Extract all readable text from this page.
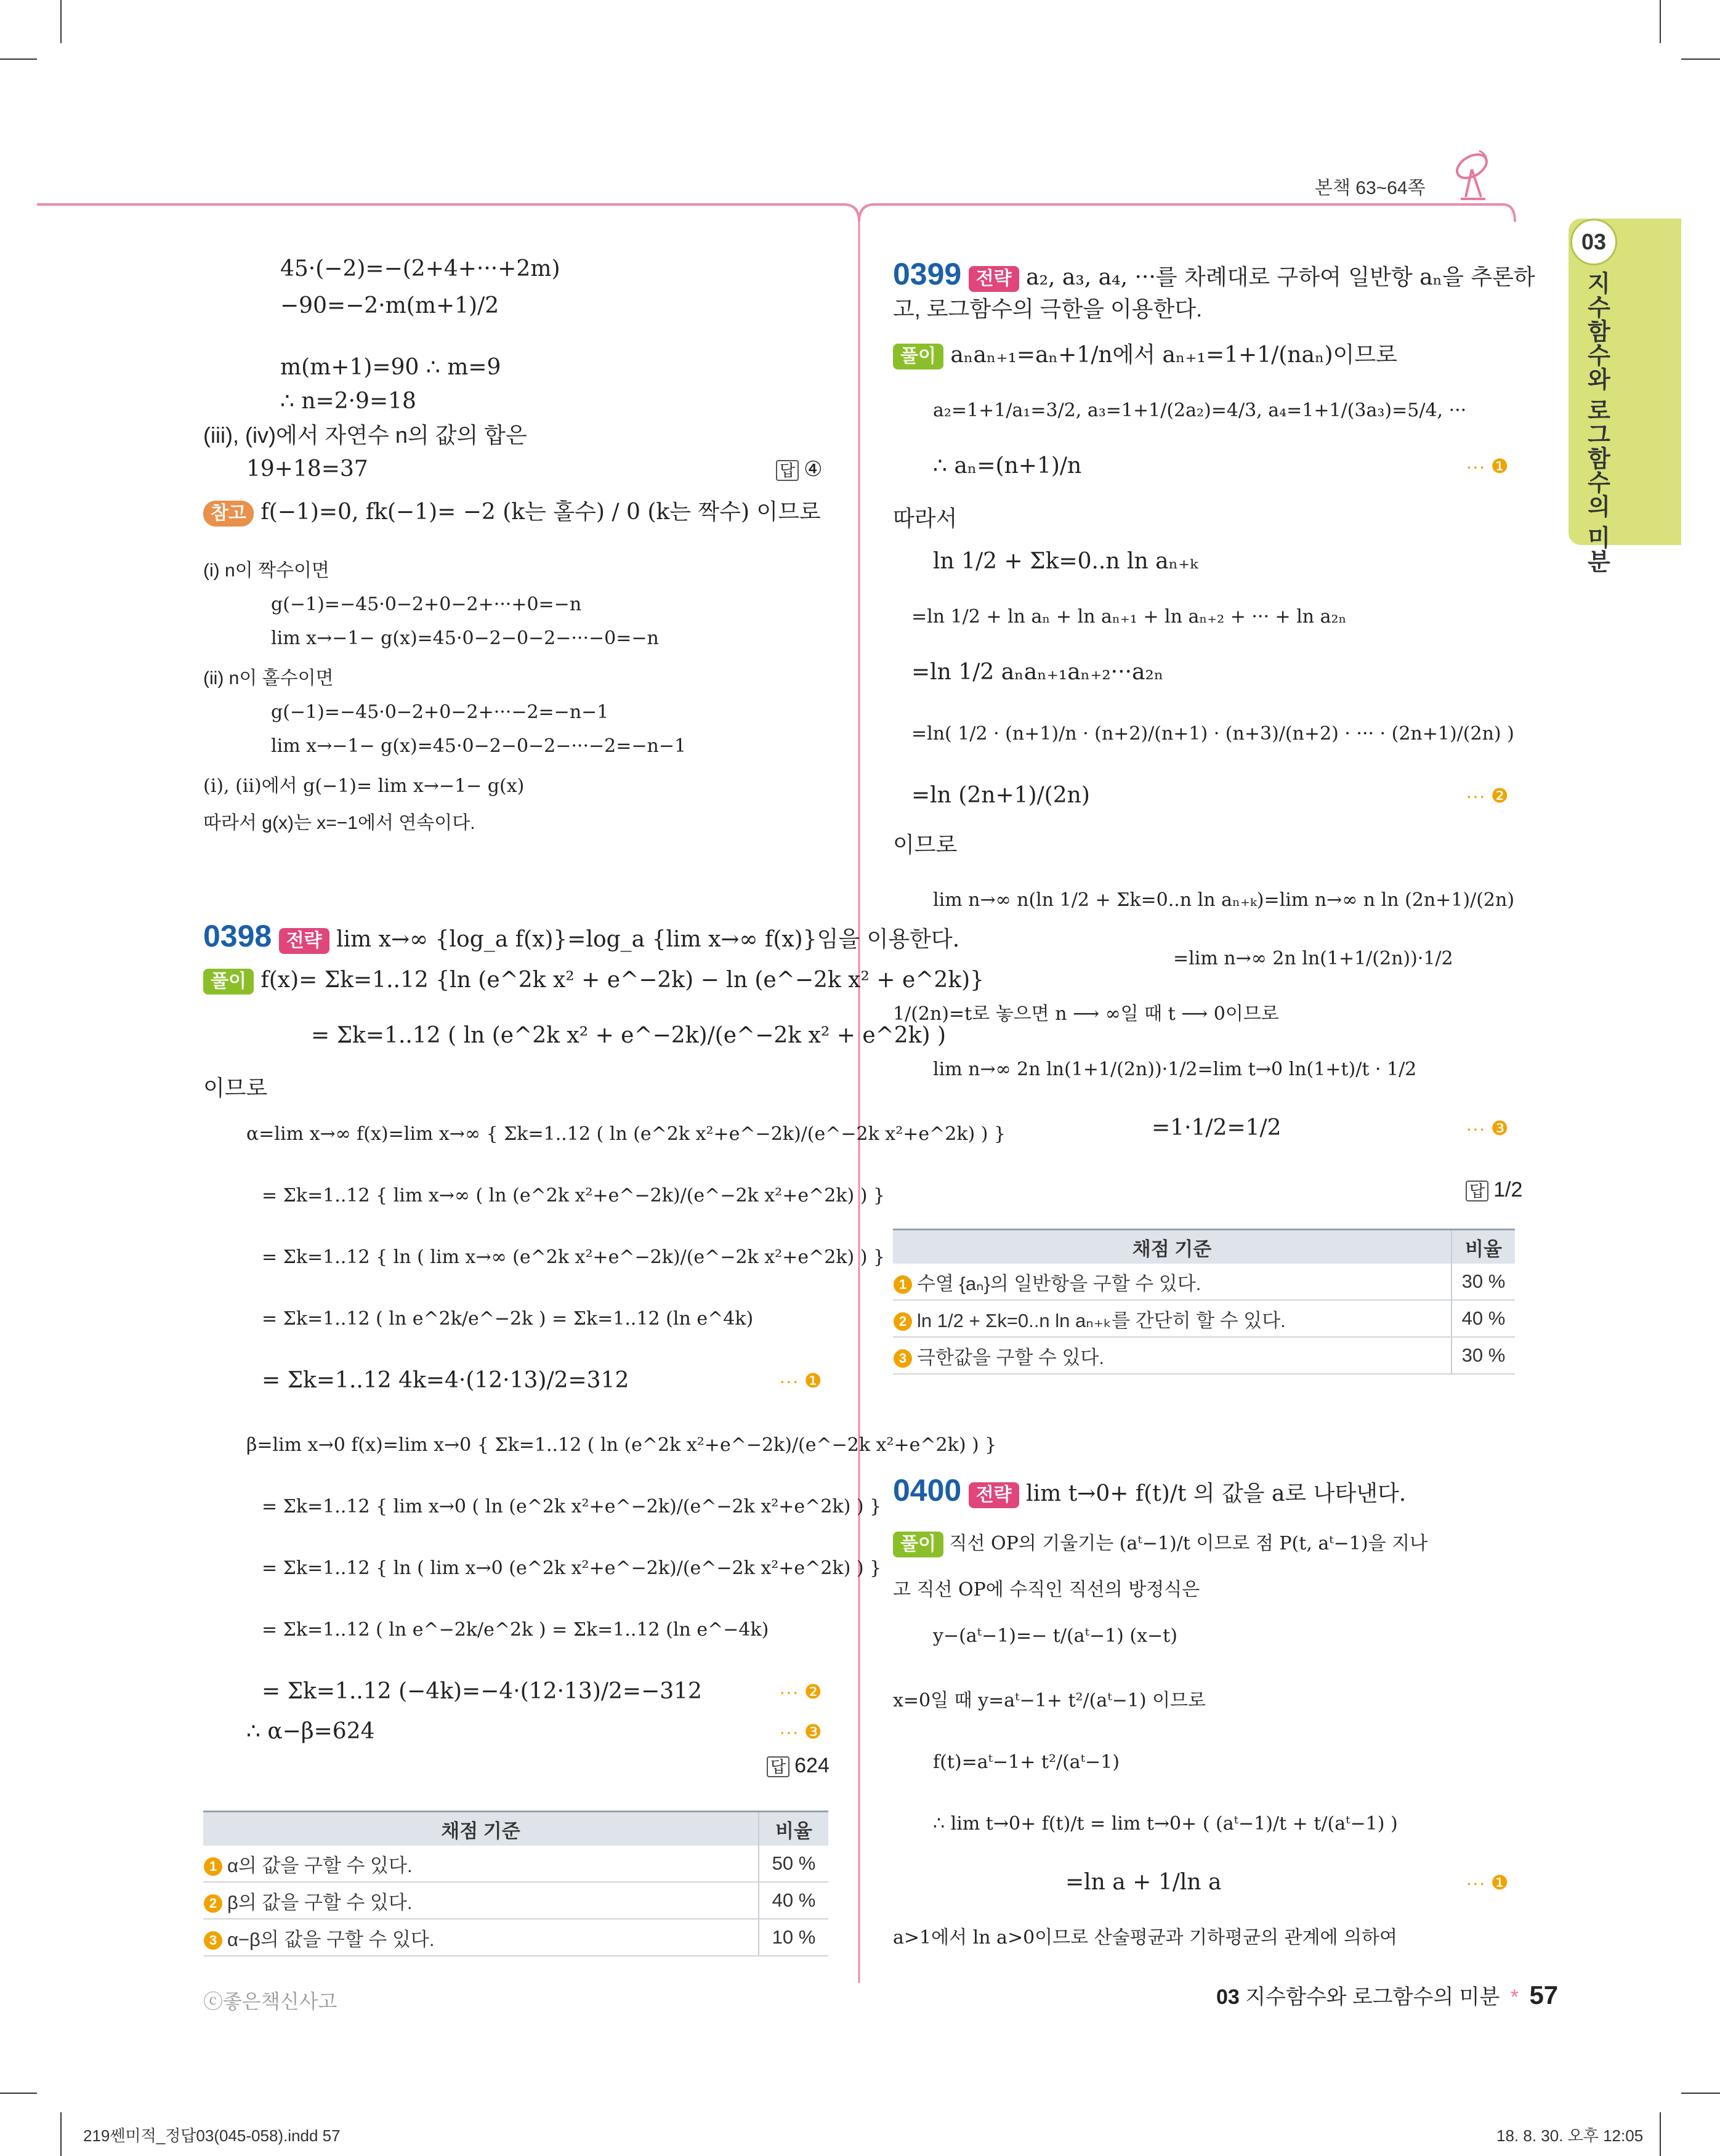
본책 63~64쪽
03
지수함수와 로그함수의 미분
45·(−2)=−(2+4+···+2m)
−90=−2·m(m+1)/2
m(m+1)=90 ∴ m=9
∴ n=2·9=18
(iii), (iv)에서 자연수 n의 값의 합은
19+18=37	답 ④
참고 f(−1)=0, fk(−1)= −2 (k는 홀수) / 0 (k는 짝수) 이므로
(i) n이 짝수이면
g(−1)=−45·0−2+0−2+···+0=−n
lim x→−1− g(x)=45·0−2−0−2−···−0=−n
(ii) n이 홀수이면
g(−1)=−45·0−2+0−2+···−2=−n−1
lim x→−1− g(x)=45·0−2−0−2−···−2=−n−1
(i), (ii)에서 g(−1)= lim x→−1− g(x)
따라서 g(x)는 x=−1에서 연속이다.
0398 전략 lim x→∞ {log_a f(x)}=log_a {lim x→∞ f(x)}임을 이용한다.
풀이 f(x)= Σk=1..12 {ln (e^2k x² + e^−2k) − ln (e^−2k x² + e^2k)}
= Σk=1..12 ( ln (e^2k x² + e^−2k)/(e^−2k x² + e^2k) )
이므로
α=lim x→∞ f(x)=lim x→∞ { Σk=1..12 ( ln (e^2k x²+e^−2k)/(e^−2k x²+e^2k) ) }
= Σk=1..12 { lim x→∞ ( ln (e^2k x²+e^−2k)/(e^−2k x²+e^2k) ) }
= Σk=1..12 { ln ( lim x→∞ (e^2k x²+e^−2k)/(e^−2k x²+e^2k) ) }
= Σk=1..12 ( ln e^2k/e^−2k ) = Σk=1..12 (ln e^4k)
= Σk=1..12 4k=4·(12·13)/2=312	··· ❶
β=lim x→0 f(x)=lim x→0 { Σk=1..12 ( ln (e^2k x²+e^−2k)/(e^−2k x²+e^2k) ) }
= Σk=1..12 { lim x→0 ( ln (e^2k x²+e^−2k)/(e^−2k x²+e^2k) ) }
= Σk=1..12 { ln ( lim x→0 (e^2k x²+e^−2k)/(e^−2k x²+e^2k) ) }
= Σk=1..12 ( ln e^−2k/e^2k ) = Σk=1..12 (ln e^−4k)
= Σk=1..12 (−4k)=−4·(12·13)/2=−312	··· ❷
∴ α−β=624	··· ❸
답 624
채점 기준	비율
1 α의 값을 구할 수 있다.	50 %
2 β의 값을 구할 수 있다.	40 %
3 α−β의 값을 구할 수 있다.	10 %
0399 전략 a₂, a₃, a₄, ···를 차례대로 구하여 일반항 aₙ을 추론하
고, 로그함수의 극한을 이용한다.
풀이 aₙaₙ₊₁=aₙ+1/n에서 aₙ₊₁=1+1/(naₙ)이므로
a₂=1+1/a₁=3/2, a₃=1+1/(2a₂)=4/3, a₄=1+1/(3a₃)=5/4, ···
∴ aₙ=(n+1)/n	··· ❶
따라서
ln 1/2 + Σk=0..n ln aₙ₊ₖ
=ln 1/2 + ln aₙ + ln aₙ₊₁ + ln aₙ₊₂ + ··· + ln a₂ₙ
=ln 1/2 aₙaₙ₊₁aₙ₊₂···a₂ₙ
=ln( 1/2 · (n+1)/n · (n+2)/(n+1) · (n+3)/(n+2) · ··· · (2n+1)/(2n) )
=ln (2n+1)/(2n)	··· ❷
이므로
lim n→∞ n(ln 1/2 + Σk=0..n ln aₙ₊ₖ)=lim n→∞ n ln (2n+1)/(2n)
=lim n→∞ 2n ln(1+1/(2n))·1/2
1/(2n)=t로 놓으면 n ⟶ ∞일 때 t ⟶ 0이므로
lim n→∞ 2n ln(1+1/(2n))·1/2=lim t→0 ln(1+t)/t · 1/2
=1·1/2=1/2	··· ❸
답 1/2
채점 기준	비율
1 수열 {aₙ}의 일반항을 구할 수 있다.	30 %
2 ln 1/2 + Σk=0..n ln aₙ₊ₖ를 간단히 할 수 있다.	40 %
3 극한값을 구할 수 있다.	30 %
0400 전략 lim t→0+ f(t)/t 의 값을 a로 나타낸다.
풀이 직선 OP의 기울기는 (aᵗ−1)/t 이므로 점 P(t, aᵗ−1)을 지나
고 직선 OP에 수직인 직선의 방정식은
y−(aᵗ−1)=− t/(aᵗ−1) (x−t)
x=0일 때 y=aᵗ−1+ t²/(aᵗ−1) 이므로
f(t)=aᵗ−1+ t²/(aᵗ−1)
∴ lim t→0+ f(t)/t = lim t→0+ ( (aᵗ−1)/t + t/(aᵗ−1) )
=ln a + 1/ln a	··· ❶
a>1에서 ln a>0이므로 산술평균과 기하평균의 관계에 의하여
ⓒ좋은책신사고	03 지수함수와 로그함수의 미분 * 57
219쎈미적_정답03(045-058).indd 57	18. 8. 30. 오후 12:05
